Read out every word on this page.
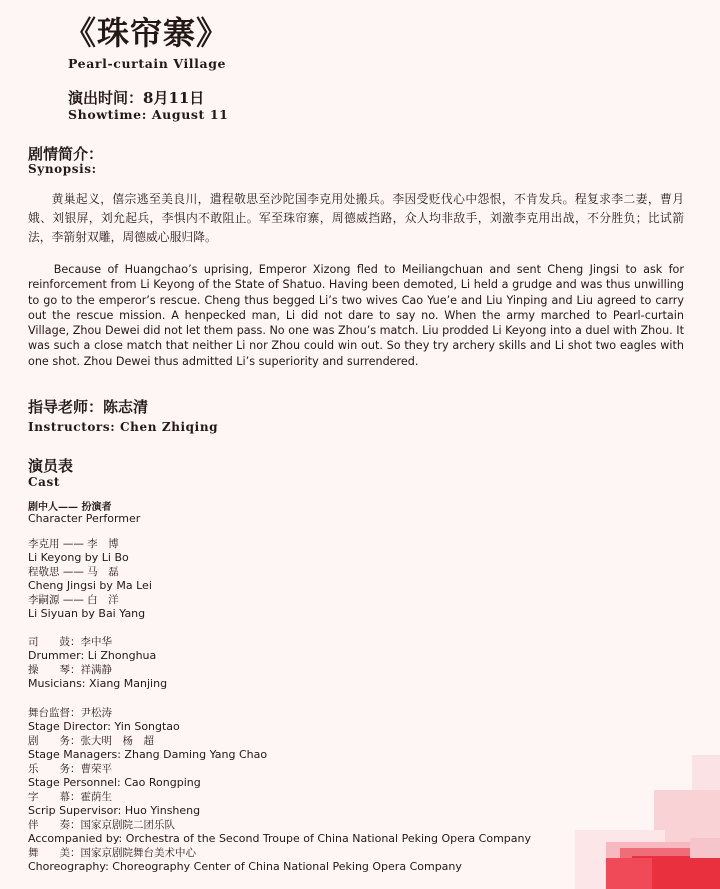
《珠帘寨》
Pearl-curtain Village
演出时间：8月11日
Showtime: August 11
剧情简介：
Synopsis:

黄巢起义，僖宗逃至美良川，遣程敬思至沙陀国李克用处搬兵。李因受贬伐心中怨恨，不肯发兵。程复求李二妻，曹月娥、刘银屏，刘允起兵，李惧内不敢阻止。军至珠帘寨，周德威挡路，众人均非敌手，刘激李克用出战，不分胜负；比试箭法，李箭射双雕，周德威心服归降。

Because of Huangchao’s uprising, Emperor Xizong fled to Meiliangchuan and sent Cheng Jingsi to ask for reinforcement from Li Keyong of the State of Shatuo. Having been demoted, Li held a grudge and was thus unwilling to go to the emperor’s rescue. Cheng thus begged Li’s two wives Cao Yue’e and Liu Yinping and Liu agreed to carry out the rescue mission. A henpecked man, Li did not dare to say no. When the army marched to Pearl-curtain Village, Zhou Dewei did not let them pass. No one was Zhou’s match. Liu prodded Li Keyong into a duel with Zhou. It was such a close match that neither Li nor Zhou could win out. So they try archery skills and Li shot two eagles with one shot. Zhou Dewei thus admitted Li’s superiority and surrendered.

指导老师：陈志清
Instructors: Chen Zhiqing
演员表
Cast
剧中人—— 扮演者
Character Performer
李克用 —— 李　博
Li Keyong by Li Bo
程敬思 —— 马　磊
Cheng Jingsi by Ma Lei
李嗣源 —— 白　洋
Li Siyuan by Bai Yang
司　　鼓：李中华
Drummer: Li Zhonghua
操　　琴：祥满静
Musicians: Xiang Manjing
舞台监督：尹松涛
Stage Director: Yin Songtao
剧　　务：张大明　杨　超
Stage Managers: Zhang Daming Yang Chao
乐　　务：曹荣平
Stage Personnel: Cao Rongping
字　　幕：霍荫生
Scrip Supervisor: Huo Yinsheng
伴　　奏：国家京剧院二团乐队
Accompanied by: Orchestra of the Second Troupe of China National Peking Opera Company
舞　　美：国家京剧院舞台美术中心
Choreography: Choreography Center of China National Peking Opera Company
